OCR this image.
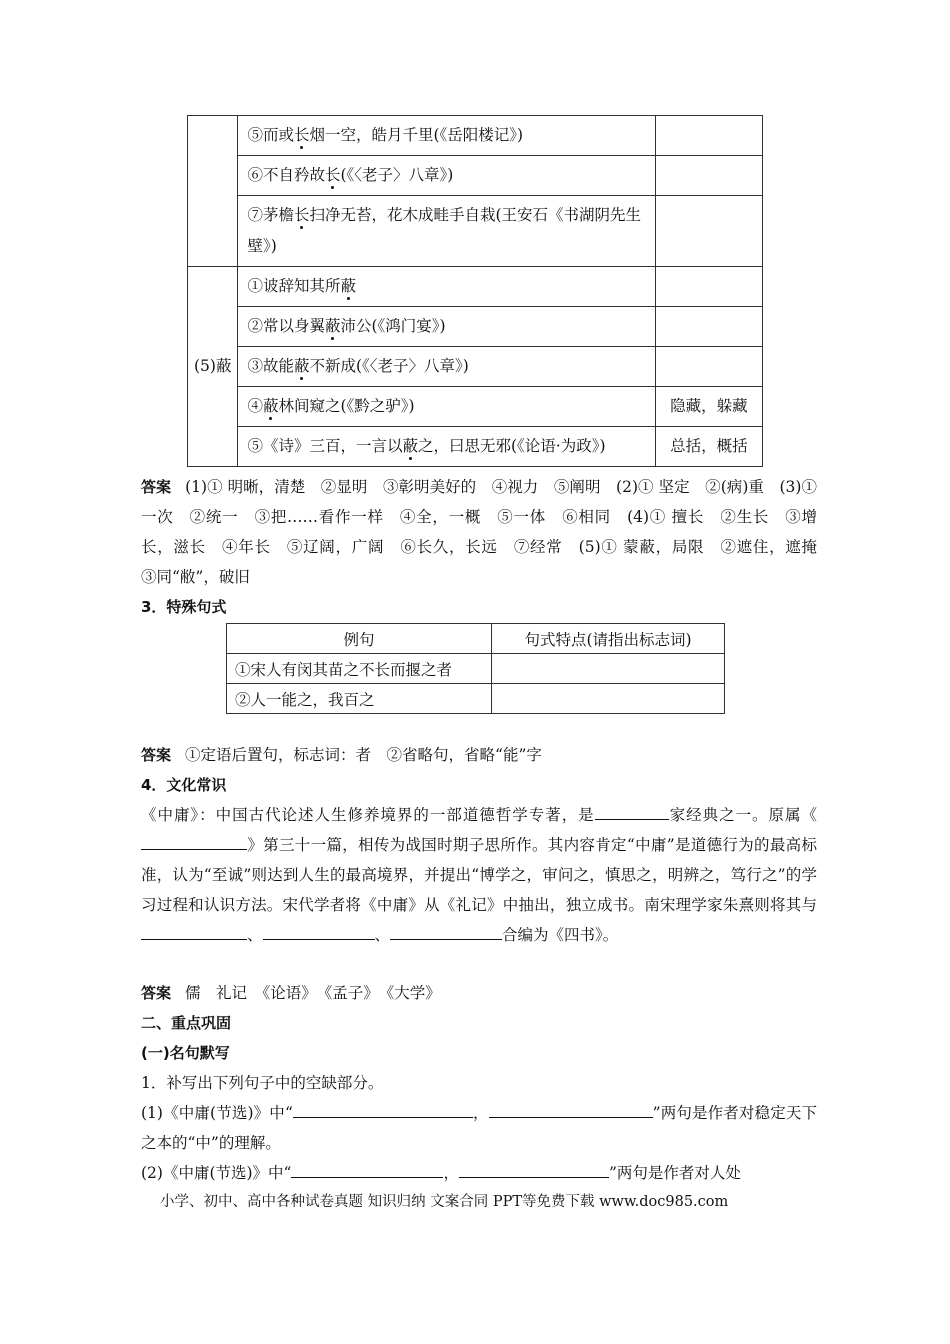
	⑤而或长烟一空，皓月千里(《岳阳楼记》)	
	⑥不自矜故长(《〈老子〉八章》)	
	⑦茅檐长扫净无苔，花木成畦手自栽(王安石《书湖阴先生壁》)	
(5)蔽	①诐辞知其所蔽	
	②常以身翼蔽沛公(《鸿门宴》)	
	③故能蔽不新成(《〈老子〉八章》)	
	④蔽林间窥之(《黔之驴》)	隐藏，躲藏
	⑤《诗》三百，一言以蔽之，曰思无邪(《论语·为政》)	总括，概括
答案 (1)① 明晰，清楚　②显明　③彰明美好的　④视力　⑤阐明　(2)① 坚定　②(病)重　(3)① 一次　②统一　③把……看作一样　④全，一概　⑤一体　⑥相同　(4)① 擅长　②生长　③增长，滋长　④年长　⑤辽阔，广阔　⑥长久，长远　⑦经常　(5)① 蒙蔽，局限　②遮住，遮掩　③同“敝”，破旧
3．特殊句式
例句	句式特点(请指出标志词)
①宋人有闵其苗之不长而揠之者	
②人一能之，我百之	
答案 ①定语后置句，标志词：者　②省略句，省略“能”字
4．文化常识
《中庸》：中国古代论述人生修养境界的一部道德哲学专著，是	家经典之一。原属《》第三十一篇，相传为战国时期子思所作。其内容肯定“中庸”是道德行为的最高标准，认为“至诚”则达到人生的最高境界，并提出“博学之，审问之，慎思之，明辨之，笃行之”的学习过程和认识方法。宋代学者将《中庸》从《礼记》中抽出，独立成书。南宋理学家朱熹则将其与、	、	合编为《四书》。
答案 儒　礼记　《论语》　《孟子》　《大学》
二、重点巩固
(一)名句默写
1．补写出下列句子中的空缺部分。
(1)《中庸(节选)》中“	，	”两句是作者对稳定天下之本的“中”的理解。
(2)《中庸(节选)》中“	，	”两句是作者对人处
小学、初中、高中各种试卷真题 知识归纳 文案合同 PPT等免费下载 www.doc985.com
